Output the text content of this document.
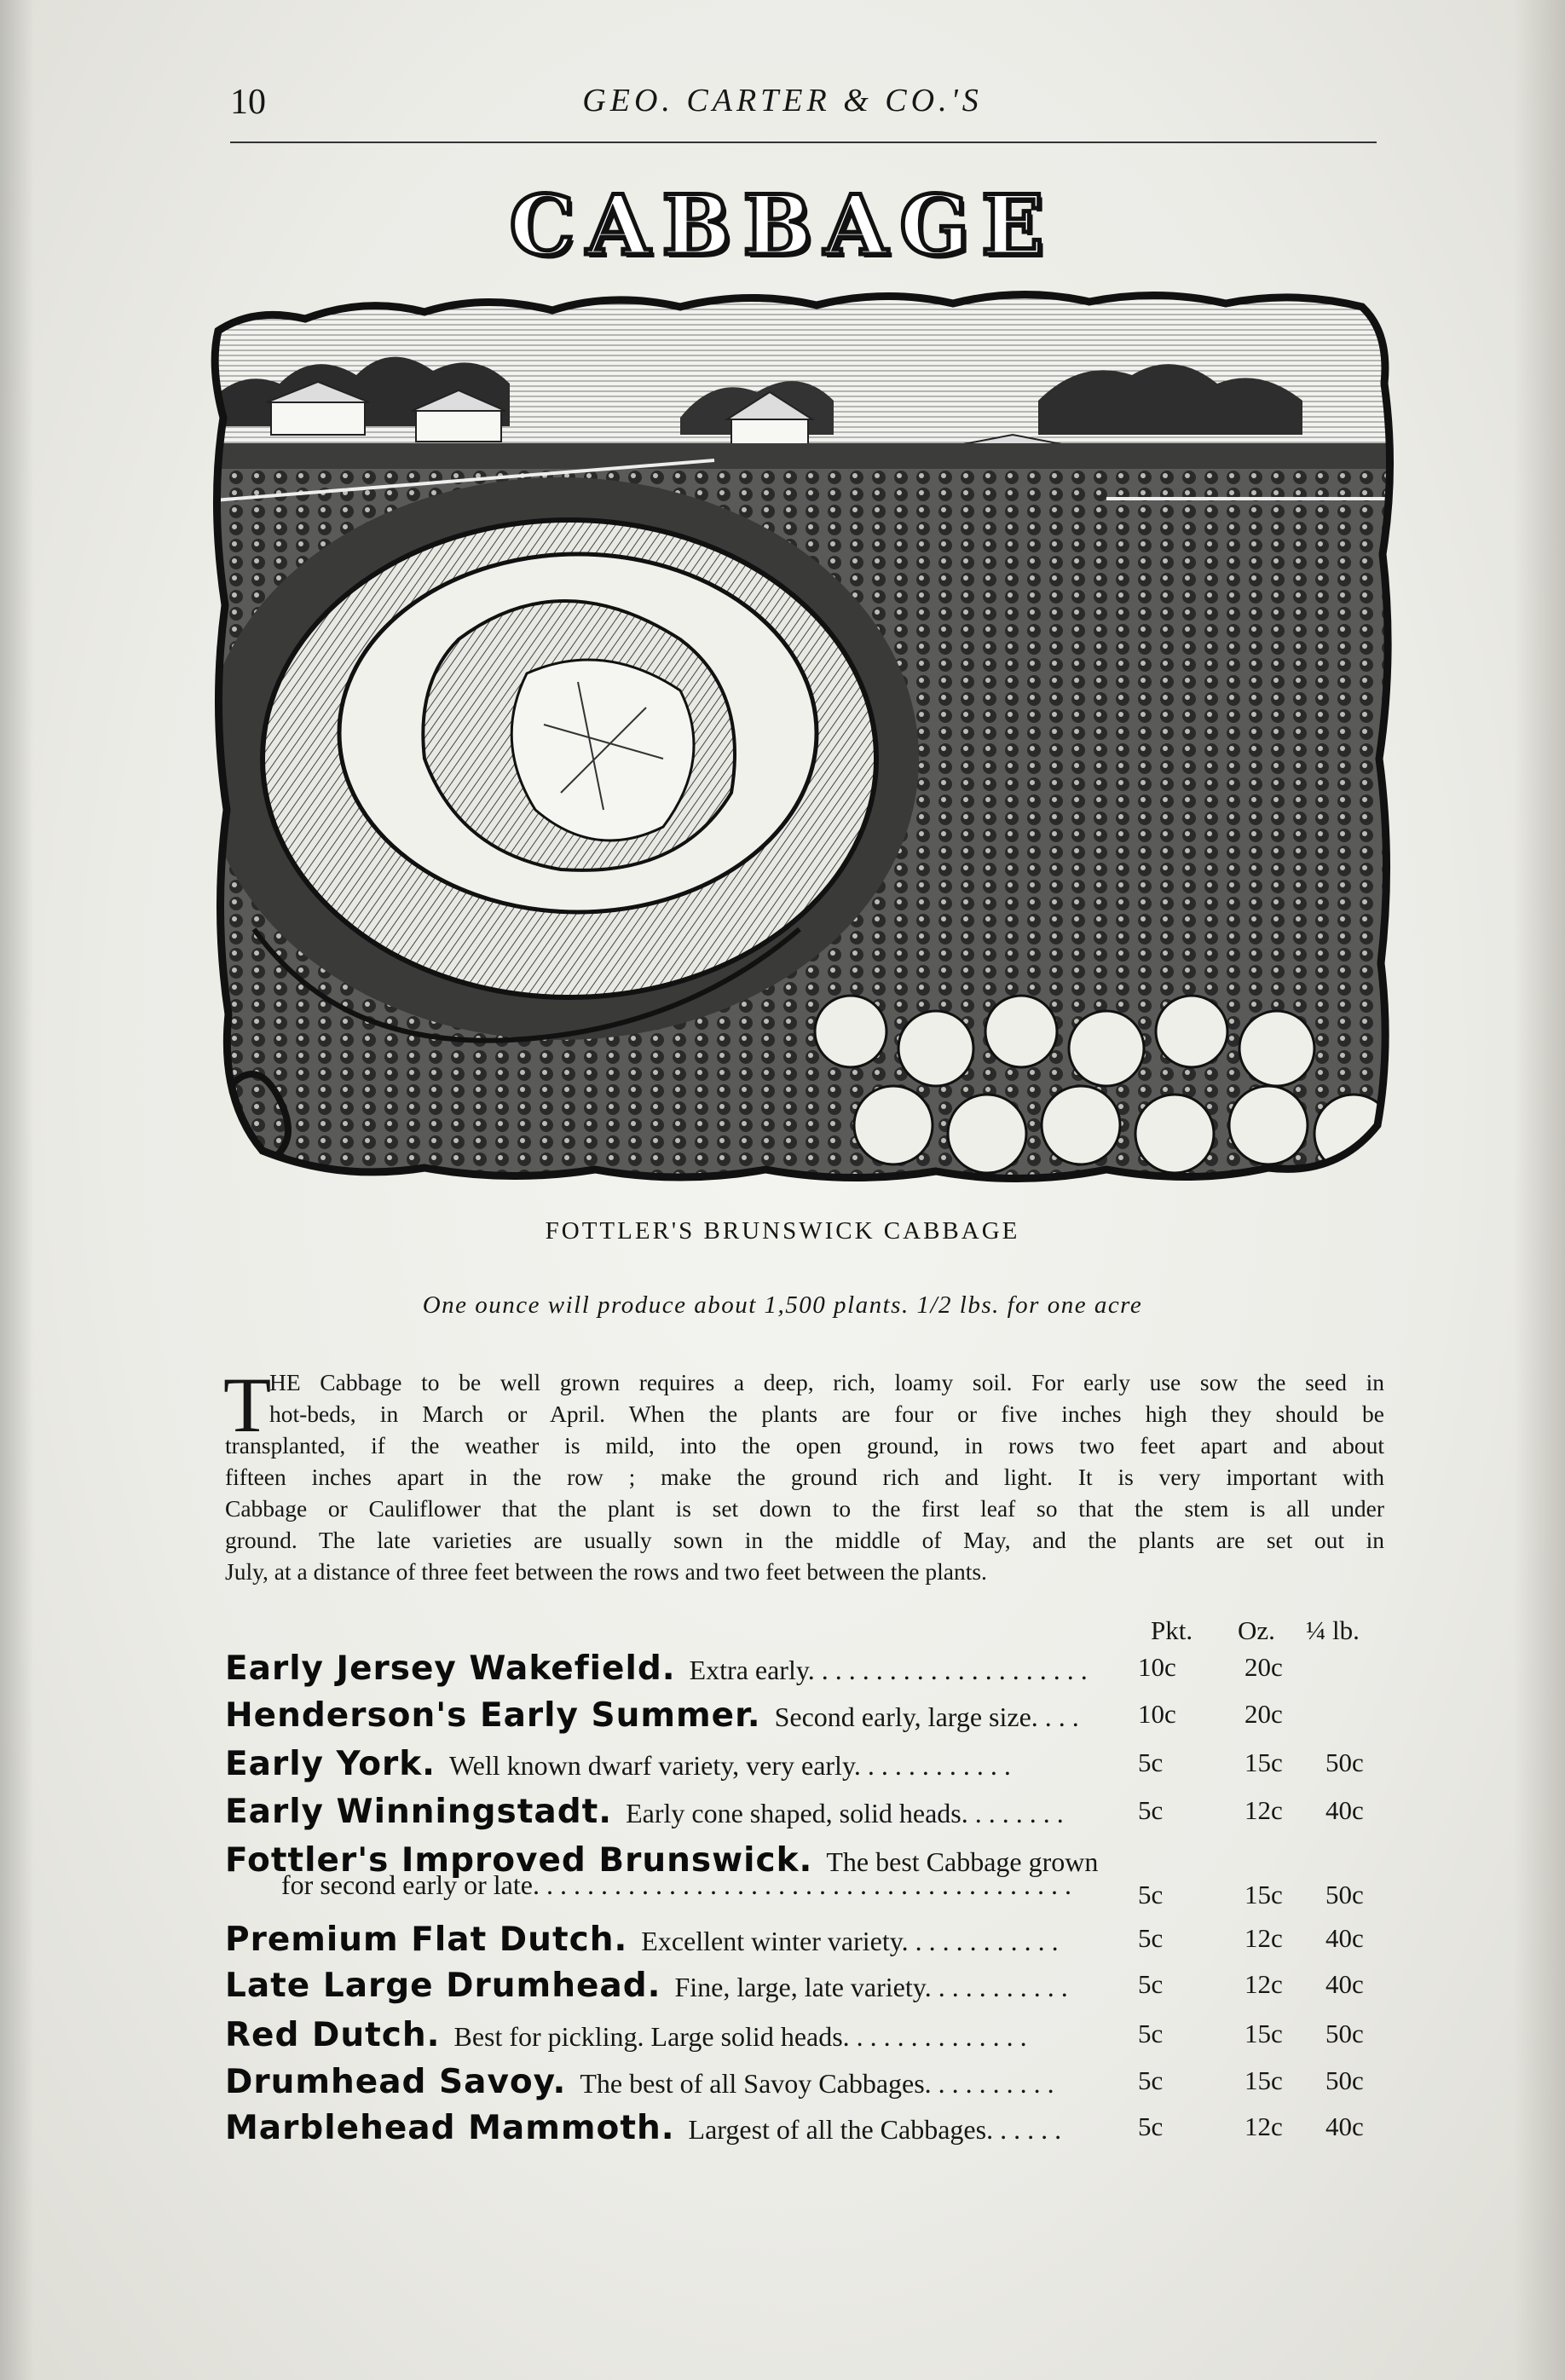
10	GEO. CARTER & CO.'S
CABBAGE
FOTTLER'S BRUNSWICK CABBAGE
One ounce will produce about 1,500 plants. 1/2 lbs. for one acre
T
HE Cabbage to be well grown requires a deep, rich, loamy soil. For early use sow the seed in
hot-beds, in March or April. When the plants are four or five inches high they should be
transplanted, if the weather is mild, into the open ground, in rows two feet apart and about
fifteen inches apart in the row ; make the ground rich and light. It is very important with
Cabbage or Cauliflower that the plant is set down to the first leaf so that the stem is all under
ground. The late varieties are usually sown in the middle of May, and the plants are set out in
July, at a distance of three feet between the rows and two feet between the plants.
Pkt. Oz. ¼ lb.
Early Jersey Wakefield. Extra early. . . . . . . . . . . . . . . . . . . . .	10c	20c
Henderson's Early Summer. Second early, large size. . . .	10c	20c
Early York. Well known dwarf variety, very early. . . . . . . . . . . .	5c	15c 50c
Early Winningstadt. Early cone shaped, solid heads. . . . . . . .	5c	12c 40c
Fottler's Improved Brunswick. The best Cabbage grown
for second early or late. . . . . . . . . . . . . . . . . . . . . . . . . . . . . . . . . . . . . . . .	5c	15c 50c
Premium Flat Dutch. Excellent winter variety. . . . . . . . . . . .	5c	12c 40c
Late Large Drumhead. Fine, large, late variety. . . . . . . . . . .	5c	12c 40c
Red Dutch. Best for pickling. Large solid heads. . . . . . . . . . . . . .	5c	15c 50c
Drumhead Savoy. The best of all Savoy Cabbages. . . . . . . . . .	5c	15c 50c
Marblehead Mammoth. Largest of all the Cabbages. . . . . .	5c	12c 40c
